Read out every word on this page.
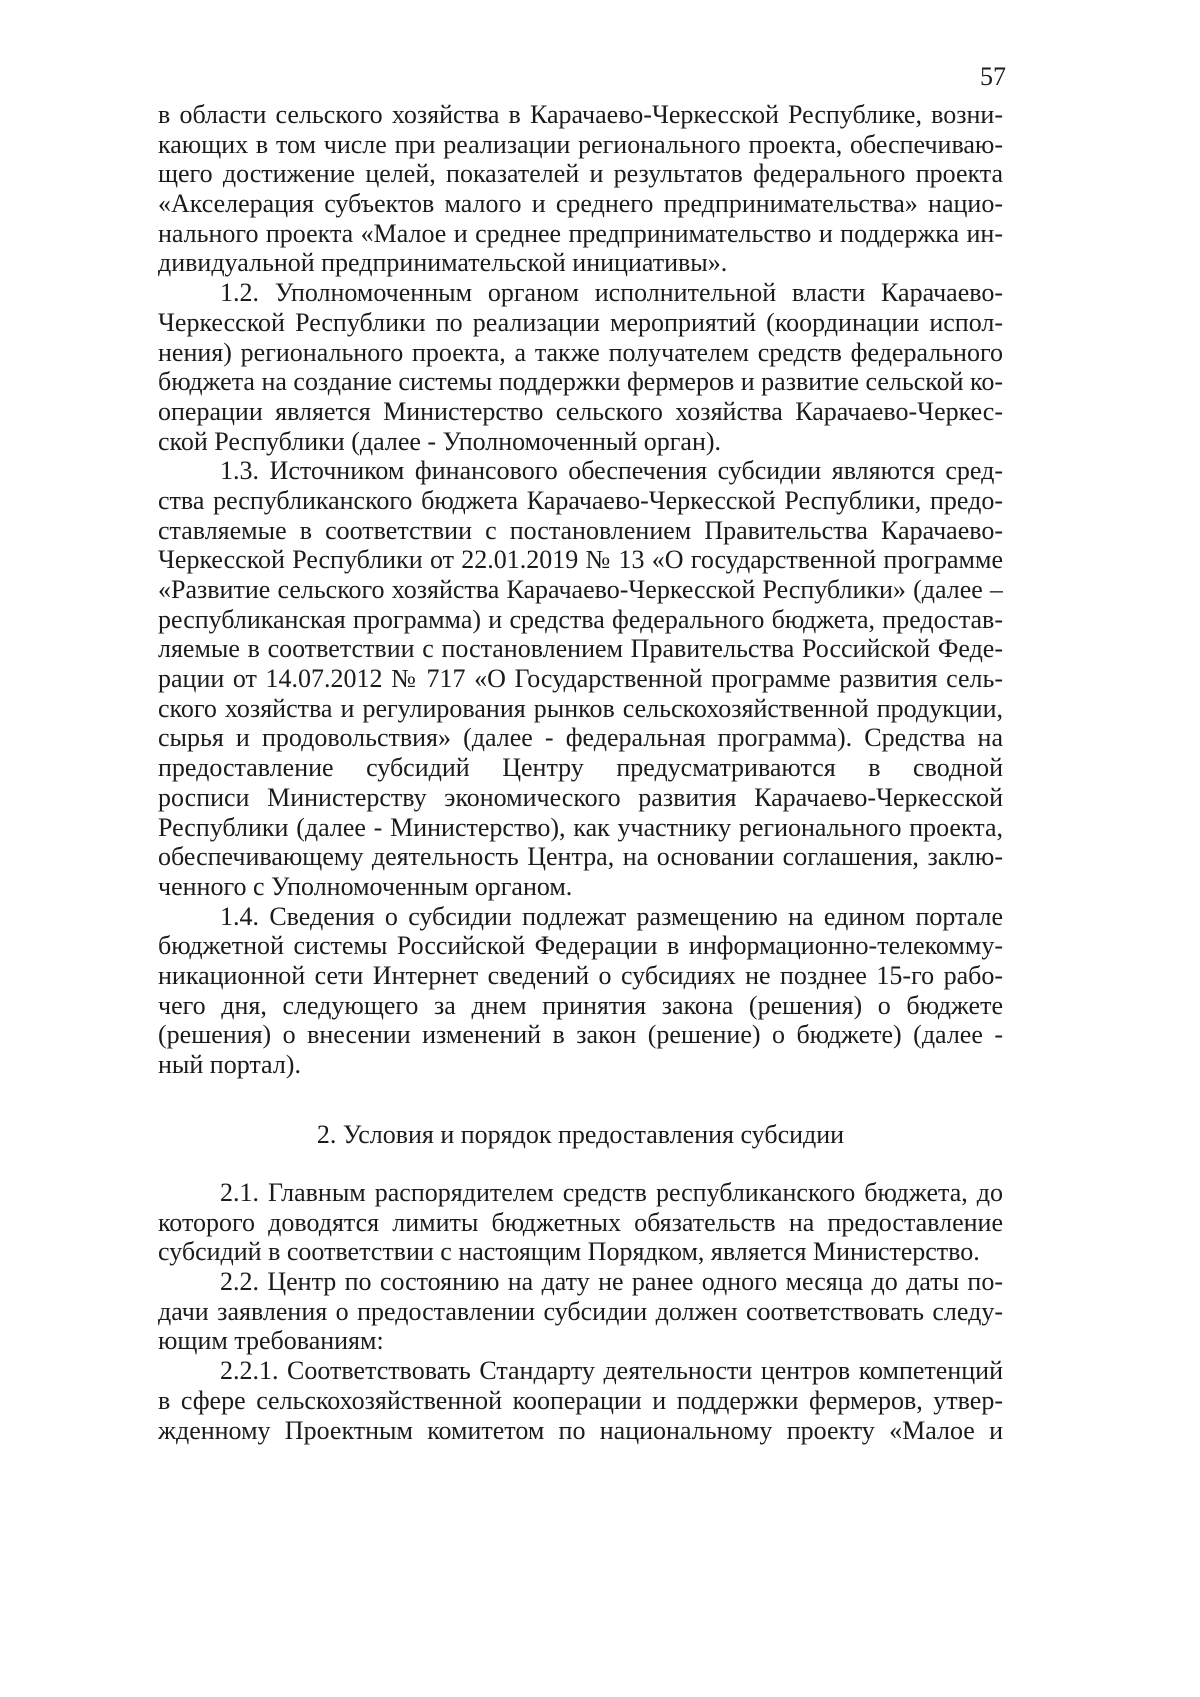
57
в области сельского хозяйства в Карачаево-Черкесской Республике, возни-
кающих в том числе при реализации регионального проекта, обеспечиваю-
щего достижение целей, показателей и результатов федерального проекта
«Акселерация субъектов малого и среднего предпринимательства» нацио-
нального проекта «Малое и среднее предпринимательство и поддержка ин-
дивидуальной предпринимательской инициативы».
1.2. Уполномоченным органом исполнительной власти Карачаево-
Черкесской Республики по реализации мероприятий (координации испол-
нения) регионального проекта, а также получателем средств федерального
бюджета на создание системы поддержки фермеров и развитие сельской ко-
операции является Министерство сельского хозяйства Карачаево-Черкес-
ской Республики (далее - Уполномоченный орган).
1.3. Источником финансового обеспечения субсидии являются сред-
ства республиканского бюджета Карачаево-Черкесской Республики, предо-
ставляемые в соответствии с постановлением Правительства Карачаево-
Черкесской Республики от 22.01.2019 № 13 «О государственной программе
«Развитие сельского хозяйства Карачаево-Черкесской Республики» (далее –
республиканская программа) и средства федерального бюджета, предостав-
ляемые в соответствии с постановлением Правительства Российской Феде-
рации от 14.07.2012 № 717 «О Государственной программе развития сель-
ского хозяйства и регулирования рынков сельскохозяйственной продукции,
сырья и продовольствия» (далее - федеральная программа). Средства на
предоставление субсидий Центру предусматриваются в сводной
росписи Министерству экономического развития Карачаево-Черкесской
Республики (далее - Министерство), как участнику регионального проекта,
обеспечивающему деятельность Центра, на основании соглашения, заклю-
ченного с Уполномоченным органом.
1.4. Сведения о субсидии подлежат размещению на едином портале
бюджетной системы Российской Федерации в информационно-телекомму-
никационной сети Интернет сведений о субсидиях не позднее 15-го рабо-
чего дня, следующего за днем принятия закона (решения) о бюджете
(решения) о внесении изменений в закон (решение) о бюджете) (далее -
ный портал).
2. Условия и порядок предоставления субсидии
2.1. Главным распорядителем средств республиканского бюджета, до
которого доводятся лимиты бюджетных обязательств на предоставление
субсидий в соответствии с настоящим Порядком, является Министерство.
2.2. Центр по состоянию на дату не ранее одного месяца до даты по-
дачи заявления о предоставлении субсидии должен соответствовать следу-
ющим требованиям:
2.2.1. Соответствовать Стандарту деятельности центров компетенций
в сфере сельскохозяйственной кооперации и поддержки фермеров, утвер-
жденному Проектным комитетом по национальному проекту «Малое и
